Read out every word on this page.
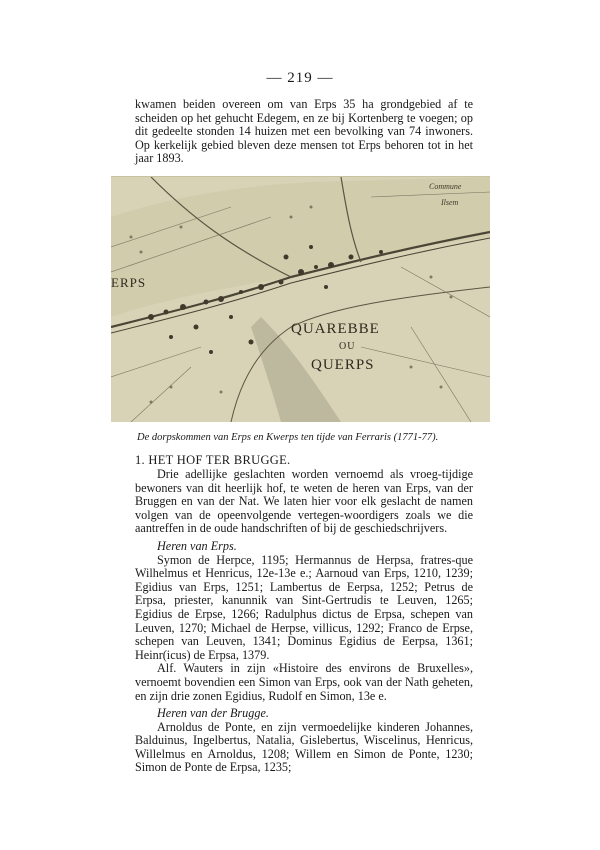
— 219 —

kwamen beiden overeen om van Erps 35 ha grondgebied af te scheiden op het gehucht Edegem, en ze bij Kortenberg te voegen; op dit gedeelte stonden 14 huizen met een bevolking van 74 inwoners. Op kerkelijk gebied bleven deze mensen tot Erps behoren tot in het jaar 1893.

ERPS
QUAREBBE
OU
QUERPS
Commune
Ilsem
De dorpskommen van Erps en Kwerps ten tijde van Ferraris (1771-77).
1. HET HOF TER BRUGGE.

Drie adellijke geslachten worden vernoemd als vroeg-tijdige bewoners van dit heerlijk hof, te weten de heren van Erps, van der Bruggen en van der Nat. We laten hier voor elk geslacht de namen volgen van de opeenvolgende vertegen-woordigers zoals we die aantreffen in de oude handschriften of bij de geschiedschrijvers.

Heren van Erps.

Symon de Herpce, 1195; Hermannus de Herpsa, fratres-que Wilhelmus et Henricus, 12e-13e e.; Aarnoud van Erps, 1210, 1239; Egidius van Erps, 1251; Lambertus de Eerpsa, 1252; Petrus de Erpsa, priester, kanunnik van Sint-Gertrudis te Leuven, 1265; Egidius de Erpse, 1266; Radulphus dictus de Erpsa, schepen van Leuven, 1270; Michael de Herpse, villicus, 1292; Franco de Erpse, schepen van Leuven, 1341; Dominus Egidius de Eerpsa, 1361; Heinr(icus) de Erpsa, 1379.

Alf. Wauters in zijn «Histoire des environs de Bruxelles», vernoemt bovendien een Simon van Erps, ook van der Nath geheten, en zijn drie zonen Egidius, Rudolf en Simon, 13e e.

Heren van der Brugge.

Arnoldus de Ponte, en zijn vermoedelijke kinderen Johannes, Balduinus, Ingelbertus, Natalia, Gislebertus, Wiscelinus, Henricus, Willelmus en Arnoldus, 1208; Willem en Simon de Ponte, 1230; Simon de Ponte de Erpsa, 1235;
